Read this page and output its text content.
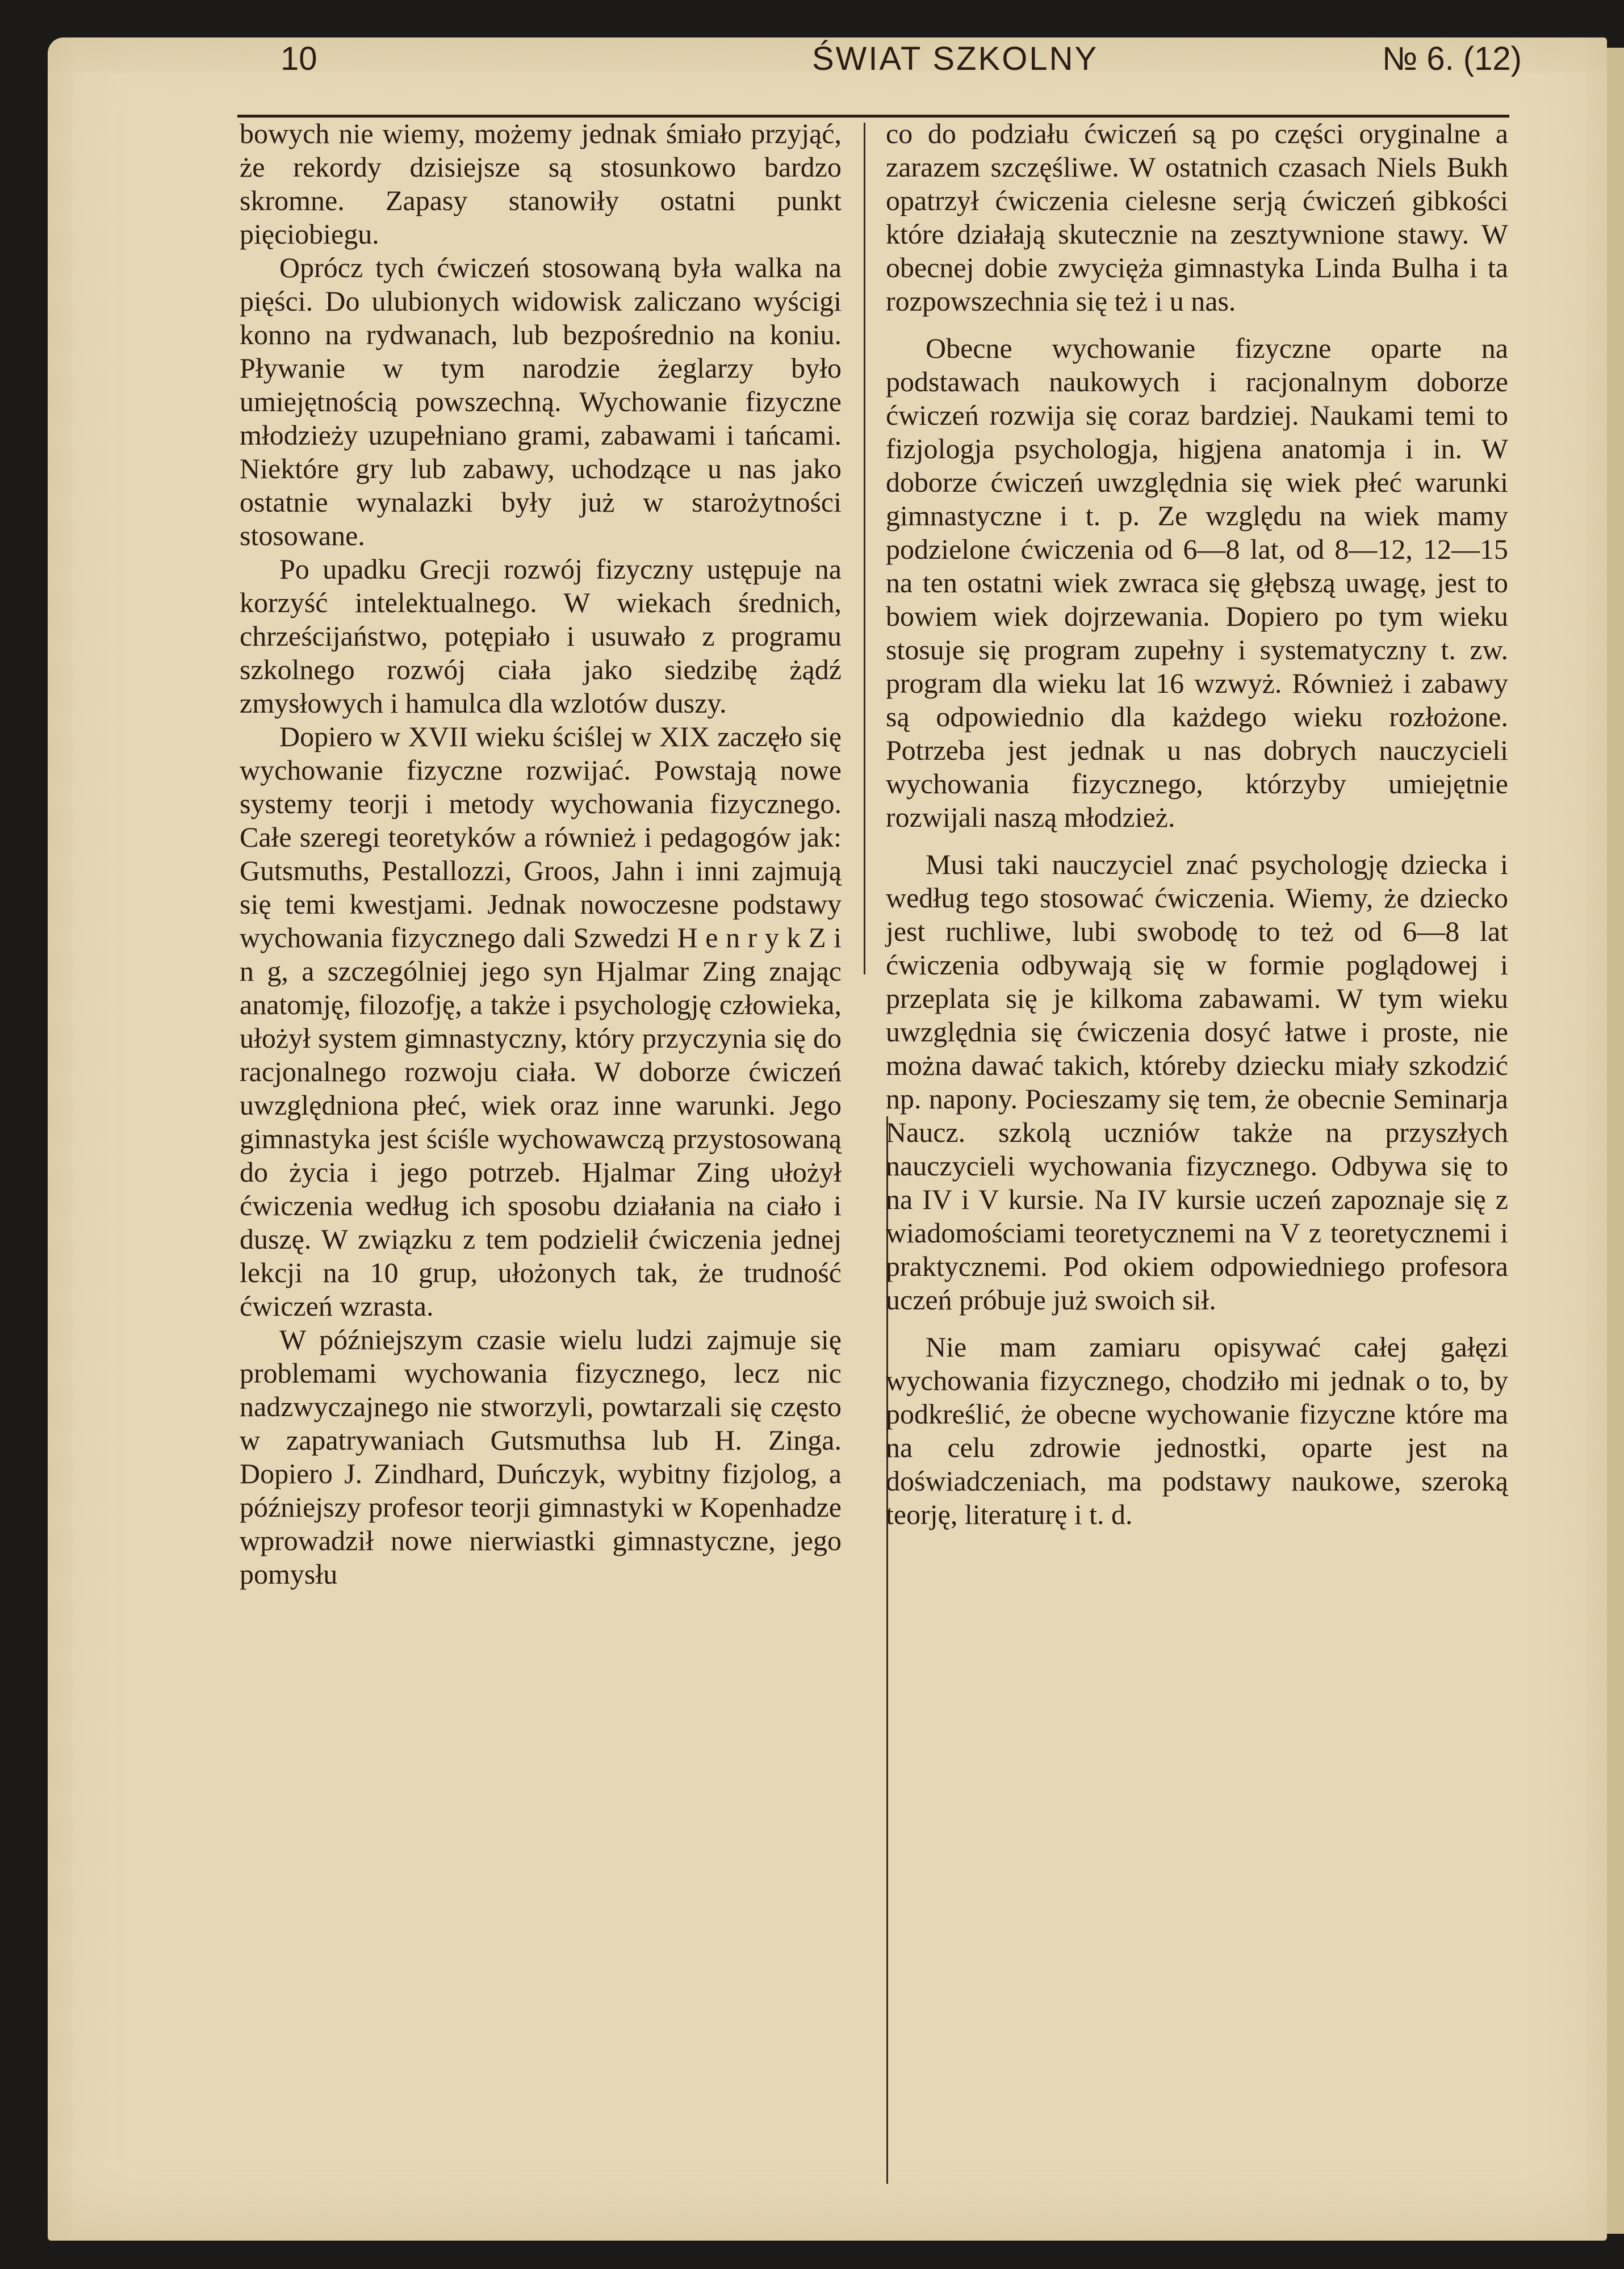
10	ŚWIAT SZKOLNY	№ 6. (12)

bowych nie wiemy, możemy jednak śmiało przyjąć, że rekordy dzisiejsze są stosunkowo bardzo skromne. Zapasy stanowiły ostatni punkt pięciobiegu.

Oprócz tych ćwiczeń stosowaną była walka na pięści. Do ulubionych widowisk zaliczano wyścigi konno na rydwanach, lub bezpośrednio na koniu. Pływanie w tym narodzie żeglarzy było umiejętnością powszechną. Wychowanie fizyczne młodzieży uzupełniano grami, zabawami i tańcami. Niektóre gry lub zabawy, uchodzące u nas jako ostatnie wynalazki były już w starożytności stosowane.

Po upadku Grecji rozwój fizyczny ustępuje na korzyść intelektualnego. W wiekach średnich, chrześcijaństwo, potępiało i usuwało z programu szkolnego rozwój ciała jako siedzibę żądź zmysłowych i hamulca dla wzlotów duszy.

Dopiero w XVII wieku ściślej w XIX zaczęło się wychowanie fizyczne rozwijać. Powstają nowe systemy teorji i metody wychowania fizycznego. Całe szeregi teoretyków a również i pedagogów jak: Gutsmuths, Pestallozzi, Groos, Jahn i inni zajmują się temi kwestjami. Jednak nowoczesne podstawy wychowania fizycznego dali Szwedzi H e n r y k Z i n g, a szczególniej jego syn Hjalmar Zing znając anatomję, filozofję, a także i psychologję człowieka, ułożył system gimnastyczny, który przyczynia się do racjonalnego rozwoju ciała. W doborze ćwiczeń uwzględniona płeć, wiek oraz inne warunki. Jego gimnastyka jest ściśle wychowawczą przystosowaną do życia i jego potrzeb. Hjalmar Zing ułożył ćwiczenia według ich sposobu działania na ciało i duszę. W związku z tem podzielił ćwiczenia jednej lekcji na 10 grup, ułożonych tak, że trudność ćwiczeń wzrasta.

W późniejszym czasie wielu ludzi zajmuje się problemami wychowania fizycznego, lecz nic nadzwyczajnego nie stworzyli, powtarzali się często w zapatrywaniach Gutsmuthsa lub H. Zinga. Dopiero J. Zindhard, Duńczyk, wybitny fizjolog, a późniejszy profesor teorji gimnastyki w Kopenhadze wprowadził nowe nierwiastki gimnastyczne, jego pomysłu

co do podziału ćwiczeń są po części oryginalne a zarazem szczęśliwe. W ostatnich czasach Niels Bukh opatrzył ćwiczenia cielesne serją ćwiczeń gibkości które działają skutecznie na zesztywnione stawy. W obecnej dobie zwycięża gimnastyka Linda Bulha i ta rozpowszechnia się też i u nas.

Obecne wychowanie fizyczne oparte na podstawach naukowych i racjonalnym doborze ćwiczeń rozwija się coraz bardziej. Naukami temi to fizjologja psychologja, higjena anatomja i in. W doborze ćwiczeń uwzględnia się wiek płeć warunki gimnastyczne i t. p. Ze względu na wiek mamy podzielone ćwiczenia od 6—8 lat, od 8—12, 12—15 na ten ostatni wiek zwraca się głębszą uwagę, jest to bowiem wiek dojrzewania. Dopiero po tym wieku stosuje się program zupełny i systematyczny t. zw. program dla wieku lat 16 wzwyż. Również i zabawy są odpowiednio dla każdego wieku rozłożone. Potrzeba jest jednak u nas dobrych nauczycieli wychowania fizycznego, którzyby umiejętnie rozwijali naszą młodzież.

Musi taki nauczyciel znać psychologję dziecka i według tego stosować ćwiczenia. Wiemy, że dziecko jest ruchliwe, lubi swobodę to też od 6—8 lat ćwiczenia odbywają się w formie poglądowej i przeplata się je kilkoma zabawami. W tym wieku uwzględnia się ćwiczenia dosyć łatwe i proste, nie można dawać takich, któreby dziecku miały szkodzić np. napony. Pocieszamy się tem, że obecnie Seminarja Naucz. szkolą uczniów także na przyszłych nauczycieli wychowania fizycznego. Odbywa się to na IV i V kursie. Na IV kursie uczeń zapoznaje się z wiadomościami teoretycznemi na V z teoretycznemi i praktycznemi. Pod okiem odpowiedniego profesora uczeń próbuje już swoich sił.

Nie mam zamiaru opisywać całej gałęzi wychowania fizycznego, chodziło mi jednak o to, by podkreślić, że obecne wychowanie fizyczne które ma na celu zdrowie jednostki, oparte jest na doświadczeniach, ma podstawy naukowe, szeroką teorję, literaturę i t. d.
